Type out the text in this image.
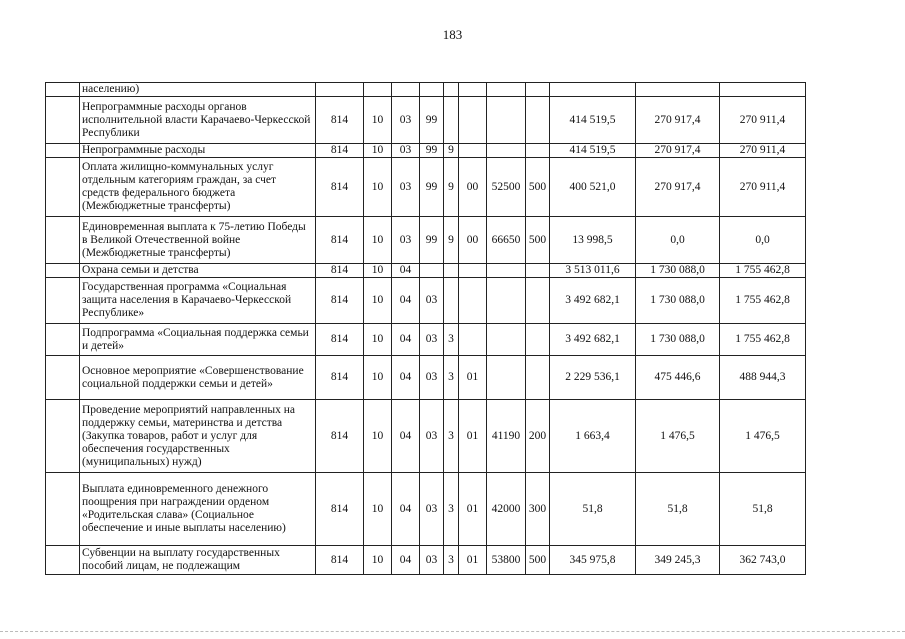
183
	населению)											
	Непрограммные расходы органов исполнительной власти Карачаево-Черкесской Республики	814	10	03	99					414 519,5	270 917,4	270 911,4
	Непрограммные расходы	814	10	03	99	9				414 519,5	270 917,4	270 911,4
	Оплата жилищно-коммунальных услуг отдельным категориям граждан, за счет средств федерального бюджета (Межбюджетные трансферты)	814	10	03	99	9	00	52500	500	400 521,0	270 917,4	270 911,4
	Единовременная выплата к 75-летию Победы в Великой Отечественной войне (Межбюджетные трансферты)	814	10	03	99	9	00	66650	500	13 998,5	0,0	0,0
	Охрана семьи и детства	814	10	04						3 513 011,6	1 730 088,0	1 755 462,8
	Государственная программа «Социальная защита населения в Карачаево-Черкесской Республике»	814	10	04	03					3 492 682,1	1 730 088,0	1 755 462,8
	Подпрограмма «Социальная поддержка семьи и детей»	814	10	04	03	3				3 492 682,1	1 730 088,0	1 755 462,8
	Основное мероприятие «Совершенствование социальной поддержки семьи и детей»	814	10	04	03	3	01			2 229 536,1	475 446,6	488 944,3
	Проведение мероприятий направленных на поддержку семьи, материнства и детства (Закупка товаров, работ и услуг для обеспечения государственных (муниципальных) нужд)	814	10	04	03	3	01	41190	200	1 663,4	1 476,5	1 476,5
	Выплата единовременного денежного поощрения при награждении орденом «Родительская слава» (Социальное обеспечение и иные выплаты населению)	814	10	04	03	3	01	42000	300	51,8	51,8	51,8
	Субвенции на выплату государственных пособий лицам, не подлежащим	814	10	04	03	3	01	53800	500	345 975,8	349 245,3	362 743,0
